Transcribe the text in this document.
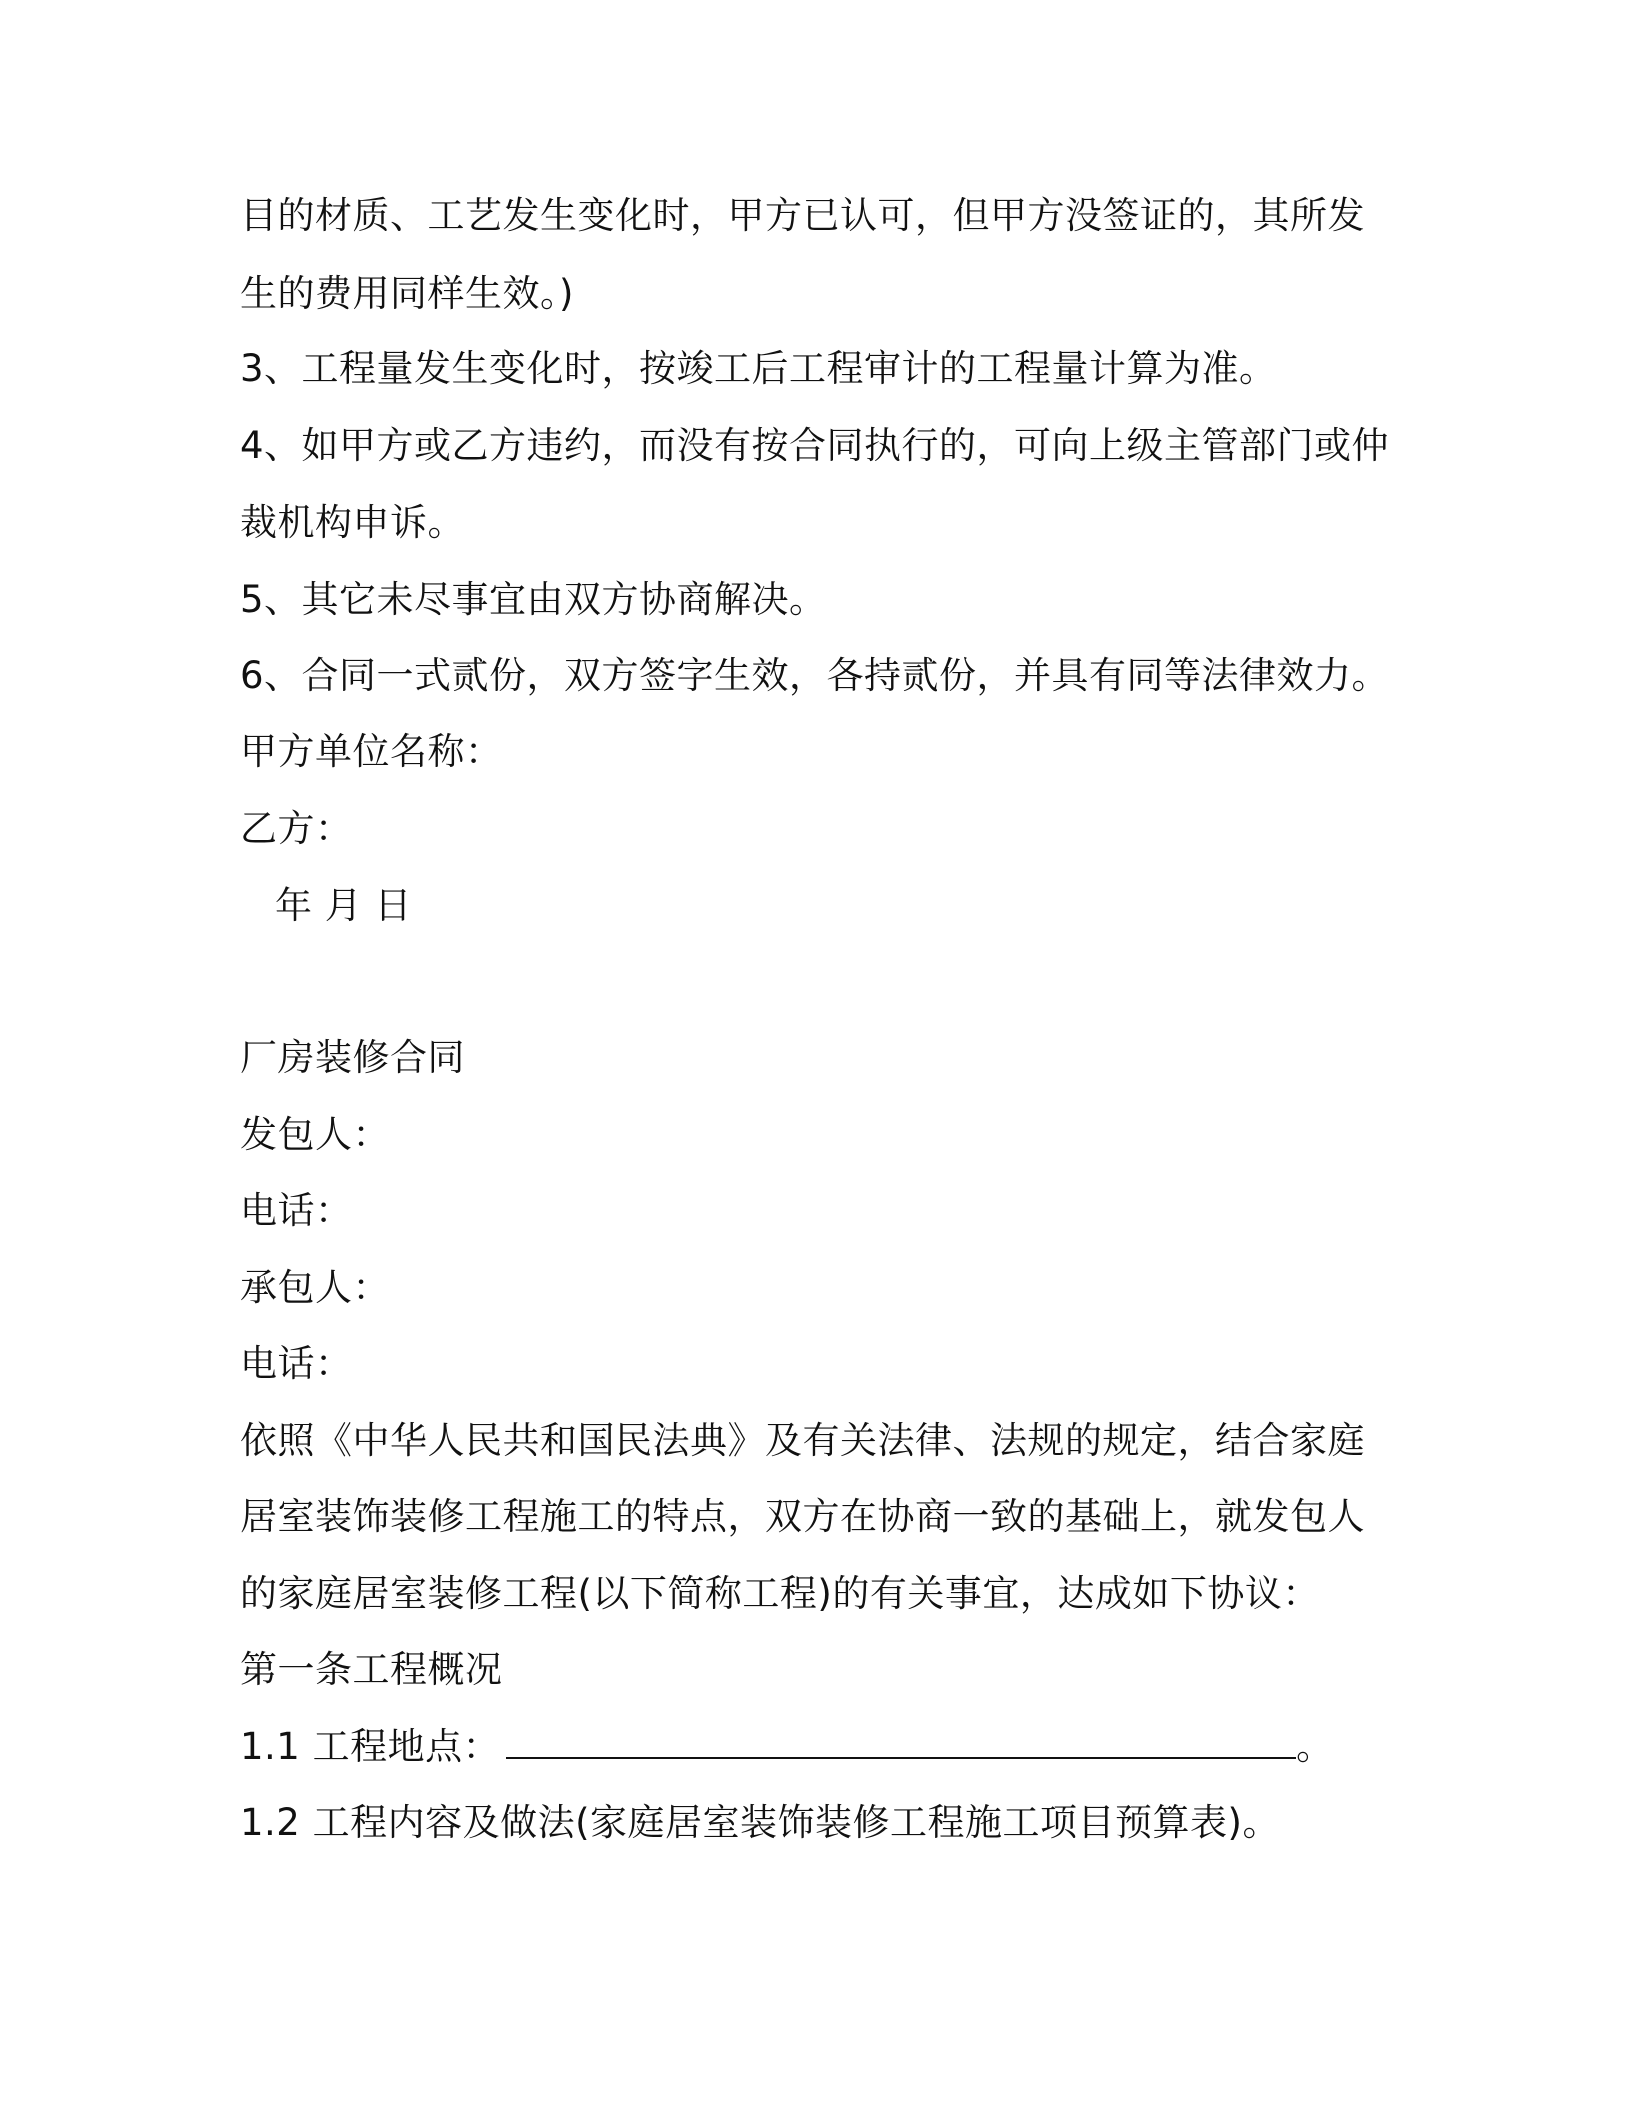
目的材质、工艺发生变化时，甲方已认可，但甲方没签证的，其所发
生的费用同样生效。)
3、工程量发生变化时，按竣工后工程审计的工程量计算为准。
4、如甲方或乙方违约，而没有按合同执行的，可向上级主管部门或仲
裁机构申诉。
5、其它未尽事宜由双方协商解决。
6、合同一式贰份，双方签字生效，各持贰份，并具有同等法律效力。
甲方单位名称：
乙方：
年 月 日
厂房装修合同
发包人：
电话：
承包人：
电话：
依照《中华人民共和国民法典》及有关法律、法规的规定，结合家庭
居室装饰装修工程施工的特点，双方在协商一致的基础上，就发包人
的家庭居室装修工程(以下简称工程)的有关事宜，达成如下协议：
第一条工程概况
1.1 工程地点：	。
1.2 工程内容及做法(家庭居室装饰装修工程施工项目预算表)。
